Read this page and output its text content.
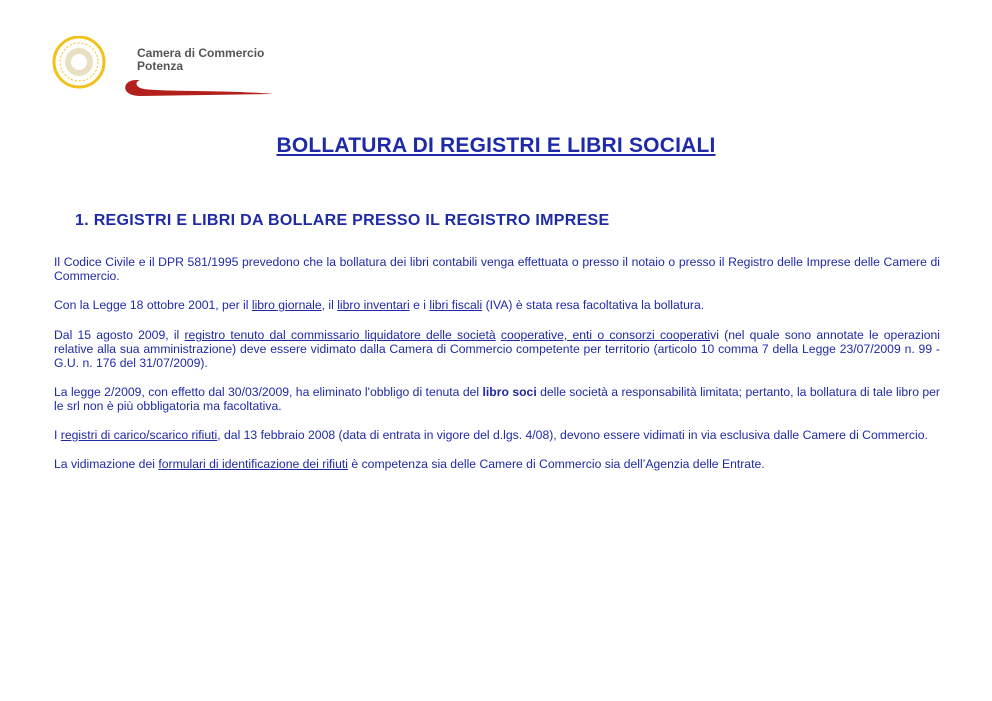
Camera di Commercio
Potenza
BOLLATURA DI REGISTRI E LIBRI SOCIALI
1. REGISTRI E LIBRI DA BOLLARE PRESSO IL REGISTRO IMPRESE

Il Codice Civile e il DPR 581/1995 prevedono che la bollatura dei libri contabili venga effettuata o presso il notaio o presso il Registro delle Imprese delle Camere di Commercio.

Con la Legge 18 ottobre 2001, per il libro giornale, il libro inventari e i libri fiscali (IVA) è stata resa facoltativa la bollatura.

Dal 15 agosto 2009, il registro tenuto dal commissario liquidatore delle società cooperative, enti o consorzi cooperativi (nel quale sono annotate le operazioni relative alla sua amministrazione) deve essere vidimato dalla Camera di Commercio competente per territorio (articolo 10 comma 7 della Legge 23/07/2009 n. 99 - G.U. n. 176 del 31/07/2009).

La legge 2/2009, con effetto dal 30/03/2009, ha eliminato l'obbligo di tenuta del libro soci delle società a responsabilità limitata; pertanto, la bollatura di tale libro per le srl non è più obbligatoria ma facoltativa.

I registri di carico/scarico rifiuti, dal 13 febbraio 2008 (data di entrata in vigore del d.lgs. 4/08), devono essere vidimati in via esclusiva dalle Camere di Commercio.

La vidimazione dei formulari di identificazione dei rifiuti è competenza sia delle Camere di Commercio sia dell’Agenzia delle Entrate.
